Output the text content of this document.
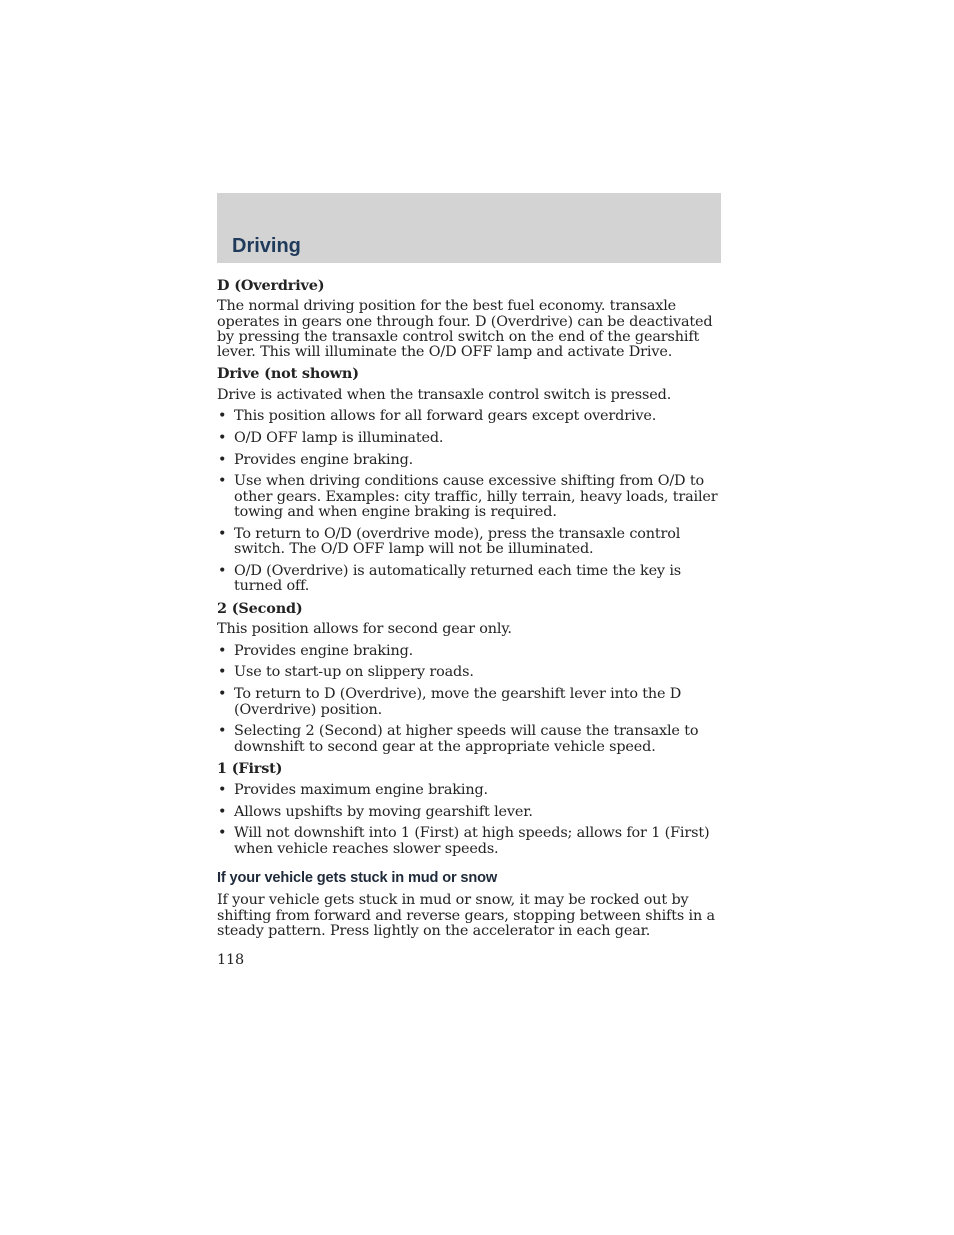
Driving
D (Overdrive)

The normal driving position for the best fuel economy. transaxle operates in gears one through four. D (Overdrive) can be deactivated by pressing the transaxle control switch on the end of the gearshift lever. This will illuminate the O/D OFF lamp and activate Drive.

Drive (not shown)

Drive is activated when the transaxle control switch is pressed.

• This position allows for all forward gears except overdrive.
• O/D OFF lamp is illuminated.
• Provides engine braking.
• Use when driving conditions cause excessive shifting from O/D to other gears. Examples: city traffic, hilly terrain, heavy loads, trailer towing and when engine braking is required.
• To return to O/D (overdrive mode), press the transaxle control switch. The O/D OFF lamp will not be illuminated.
• O/D (Overdrive) is automatically returned each time the key is turned off.
2 (Second)

This position allows for second gear only.

• Provides engine braking.
• Use to start-up on slippery roads.
• To return to D (Overdrive), move the gearshift lever into the D (Overdrive) position.
• Selecting 2 (Second) at higher speeds will cause the transaxle to downshift to second gear at the appropriate vehicle speed.
1 (First)
• Provides maximum engine braking.
• Allows upshifts by moving gearshift lever.
• Will not downshift into 1 (First) at high speeds; allows for 1 (First) when vehicle reaches slower speeds.
If your vehicle gets stuck in mud or snow

If your vehicle gets stuck in mud or snow, it may be rocked out by shifting from forward and reverse gears, stopping between shifts in a steady pattern. Press lightly on the accelerator in each gear.

118
